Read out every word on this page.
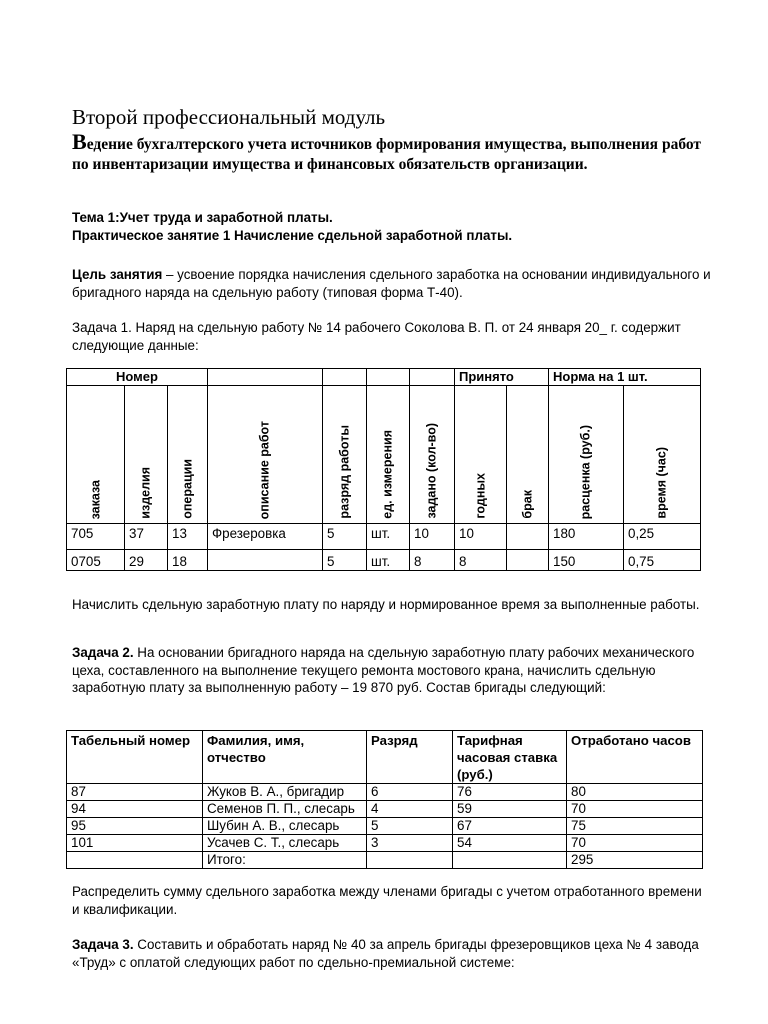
Второй профессиональный модуль
Ведение бухгалтерского учета источников формирования имущества, выполнения работ по инвентаризации имущества и финансовых обязательств организации.
Тема 1:Учет труда и заработной платы.
Практическое занятие 1 Начисление сдельной заработной платы.
Цель занятия – усвоение порядка начисления сдельного заработка на основании индивидуального и бригадного наряда на сдельную работу (типовая форма Т-40).
Задача 1. Наряд на сдельную работу № 14 рабочего Соколова В. П. от 24 января 20_ г. содержит следующие данные:
Номер							Принято		Норма на 1 шт.	

заказа	изделия	операции	описание работ	разряд работы	ед. измерения	задано (кол-во)	годных	брак	расценка (руб.)	время (час)

705	37	13	Фрезеровка	5	шт.	10	10		180	0,25
0705	29	18		5	шт.	8	8		150	0,75
Начислить сдельную заработную плату по наряду и нормированное время за выполненные работы.
Задача 2. На основании бригадного наряда на сдельную заработную плату рабочих механического цеха, составленного на выполнение текущего ремонта мостового крана, начислить сдельную заработную плату за выполненную работу – 19 870 руб. Состав бригады следующий:
Табельный номер	Фамилия, имя, отчество	Разряд	Тарифная часовая ставка (руб.)	Отработано часов
87	Жуков В. А., бригадир	6	76	80
94	Семенов П. П., слесарь	4	59	70
95	Шубин А. В., слесарь	5	67	75
101	Усачев С. Т., слесарь	3	54	70
	Итого:			295
Распределить сумму сдельного заработка между членами бригады с учетом отработанного времени и квалификации.
Задача 3. Составить и обработать наряд № 40 за апрель бригады фрезеровщиков цеха № 4 завода «Труд» с оплатой следующих работ по сдельно-премиальной системе:
